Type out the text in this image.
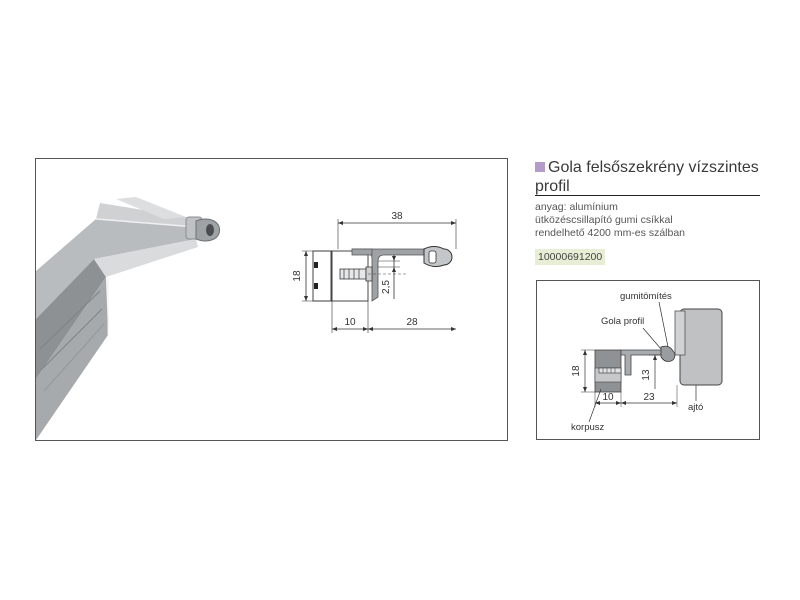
38
18
2,5
10	28
Gola felsőszekrény vízszintes profil
anyag: alumínium
ütközéscsillapító gumi csíkkal
rendelhető 4200 mm-es szálban
10000691200
gumitömítés
Gola profil
korpusz
ajtó
18	13
10	23
